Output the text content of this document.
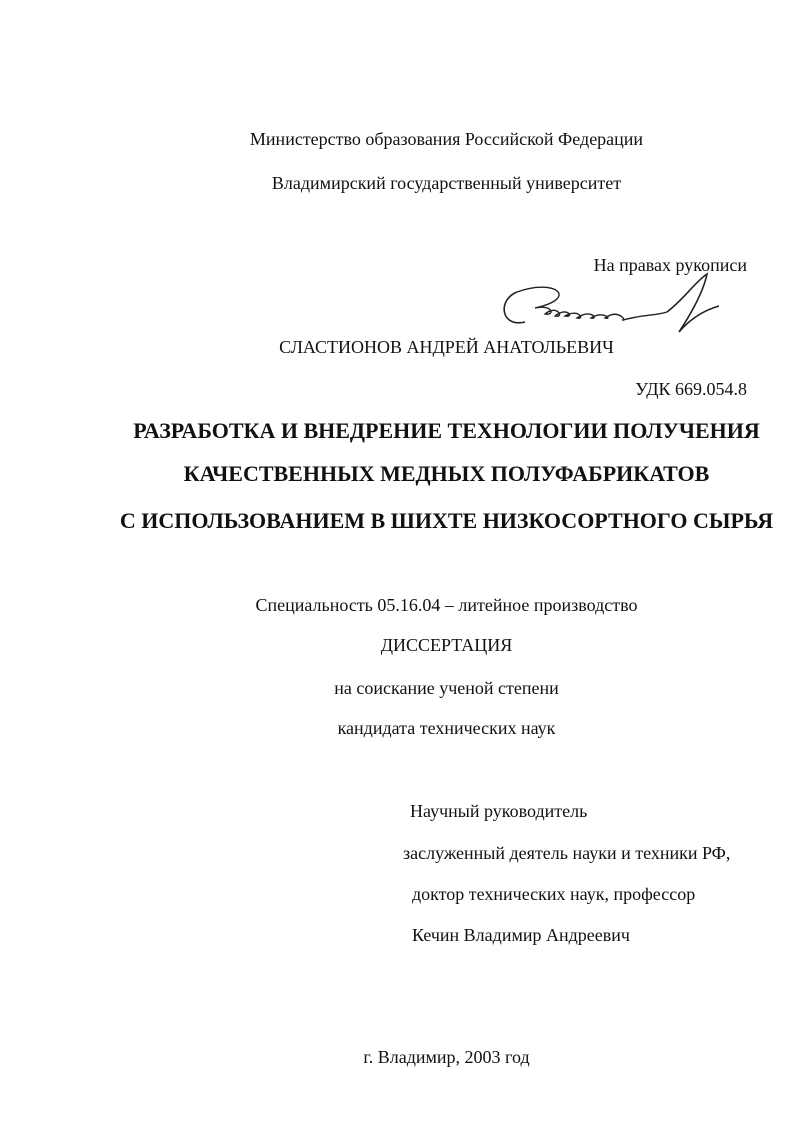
Министерство образования Российской Федерации
Владимирский государственный университет
На правах рукописи
СЛАСТИОНОВ АНДРЕЙ АНАТОЛЬЕВИЧ
УДК 669.054.8
РАЗРАБОТКА И ВНЕДРЕНИЕ ТЕХНОЛОГИИ ПОЛУЧЕНИЯ
КАЧЕСТВЕННЫХ МЕДНЫХ ПОЛУФАБРИКАТОВ
С ИСПОЛЬЗОВАНИЕМ В ШИХТЕ НИЗКОСОРТНОГО СЫРЬЯ
Специальность 05.16.04 – литейное производство
ДИССЕРТАЦИЯ
на соискание ученой степени
кандидата технических наук
Научный руководитель
заслуженный деятель науки и техники РФ,
доктор технических наук, профессор
Кечин Владимир Андреевич
г. Владимир, 2003 год
